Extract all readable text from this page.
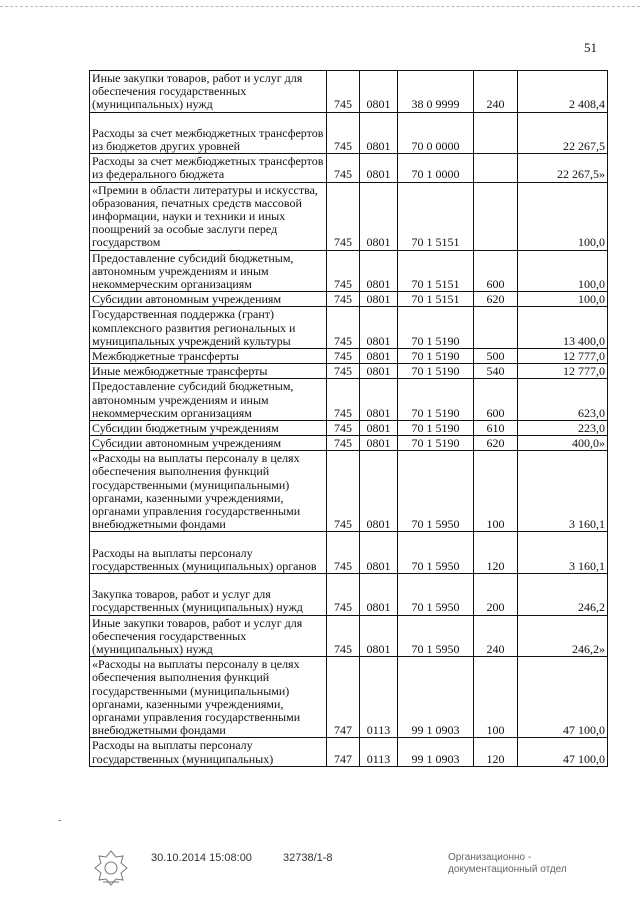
51
Иные закупки товаров, работ и услуг для обеспечения государственных (муниципальных) нужд	745	0801	38 0 9999	240	2 408,4
Расходы за счет межбюджетных трансфертов из бюджетов других уровней	745	0801	70 0 0000		22 267,5
Расходы за счет межбюджетных трансфертов из федерального бюджета	745	0801	70 1 0000		22 267,5»
«Премии в области литературы и искусства, образования, печатных средств массовой информации, науки и техники и иных поощрений за особые заслуги перед государством	745	0801	70 1 5151		100,0
Предоставление субсидий бюджетным, автономным учреждениям и иным некоммерческим организациям	745	0801	70 1 5151	600	100,0
Субсидии автономным учреждениям	745	0801	70 1 5151	620	100,0
Государственная поддержка (грант) комплексного развития региональных и муниципальных учреждений культуры	745	0801	70 1 5190		13 400,0
Межбюджетные трансферты	745	0801	70 1 5190	500	12 777,0
Иные межбюджетные трансферты	745	0801	70 1 5190	540	12 777,0
Предоставление субсидий бюджетным, автономным учреждениям и иным некоммерческим организациям	745	0801	70 1 5190	600	623,0
Субсидии бюджетным учреждениям	745	0801	70 1 5190	610	223,0
Субсидии автономным учреждениям	745	0801	70 1 5190	620	400,0»
«Расходы на выплаты персоналу в целях обеспечения выполнения функций государственными (муниципальными) органами, казенными учреждениями, органами управления государственными внебюджетными фондами	745	0801	70 1 5950	100	3 160,1
Расходы на выплаты персоналу государственных (муниципальных) органов	745	0801	70 1 5950	120	3 160,1
Закупка товаров, работ и услуг для государственных (муниципальных) нужд	745	0801	70 1 5950	200	246,2
Иные закупки товаров, работ и услуг для обеспечения государственных (муниципальных) нужд	745	0801	70 1 5950	240	246,2»
«Расходы на выплаты персоналу в целях обеспечения выполнения функций государственными (муниципальными) органами, казенными учреждениями, органами управления государственными внебюджетными фондами	747	0113	99 1 0903	100	47 100,0
Расходы на выплаты персоналу государственных (муниципальных)	747	0113	99 1 0903	120	47 100,0
-
30.10.2014 15:08:00	32738/1-8	Организационно -
документационный отдел
